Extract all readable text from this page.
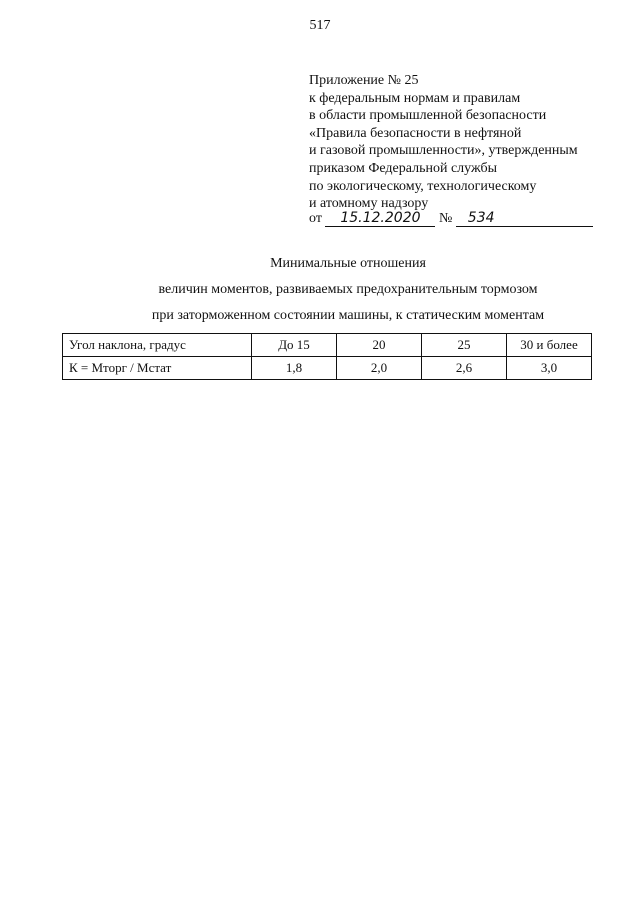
517
Приложение № 25
к федеральным нормам и правилам
в области промышленной безопасности
«Правила безопасности в нефтяной
и газовой промышленности», утвержденным
приказом Федеральной службы
по экологическому, технологическому
и атомному надзору
от 15.12.2020 № 534
Минимальные отношения
величин моментов, развиваемых предохранительным тормозом
при заторможенном состоянии машины, к статическим моментам
Угол наклона, градус	До 15	20	25	30 и более
К = Мторг / Мстат	1,8	2,0	2,6	3,0
